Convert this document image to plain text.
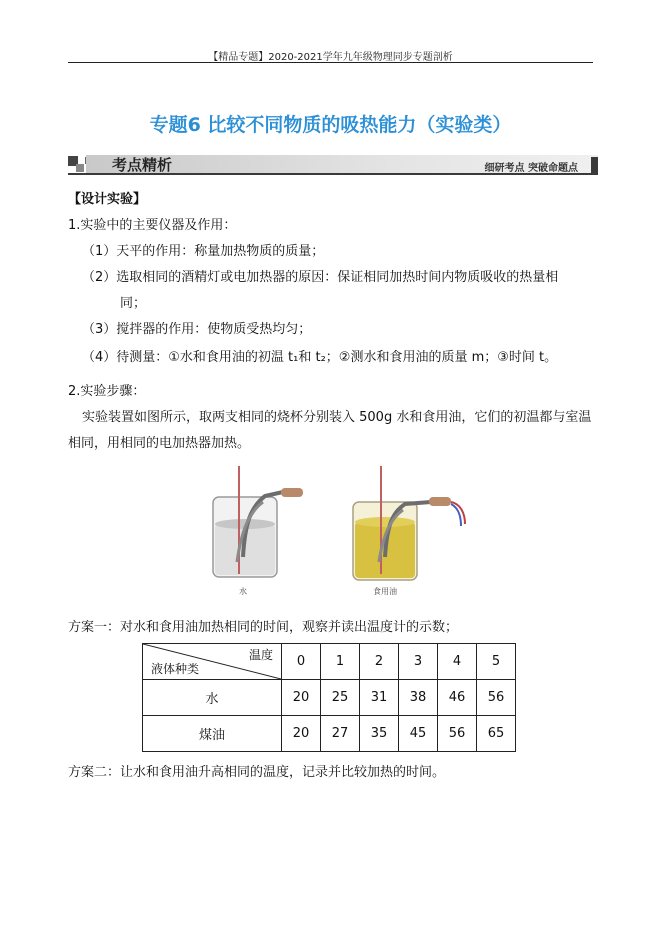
【精品专题】2020-2021学年九年级物理同步专题剖析
专题6 比较不同物质的吸热能力（实验类）
考点精析	细研考点 突破命题点
【设计实验】
1.实验中的主要仪器及作用：
（1）天平的作用：称量加热物质的质量；
（2）选取相同的酒精灯或电加热器的原因：保证相同加热时间内物质吸收的热量相
同；
（3）搅拌器的作用：使物质受热均匀；
（4）待测量：①水和食用油的初温 t₁和 t₂；②测水和食用油的质量 m；③时间 t。
2.实验步骤：
实验装置如图所示，取两支相同的烧杯分别装入 500g 水和食用油，它们的初温都与室温
相同，用相同的电加热器加热。
水	食用油
方案一：对水和食用油加热相同的时间，观察并读出温度计的示数；
温度
液体种类	0	1	2	3	4	5
水	20	25	31	38	46	56
煤油	20	27	35	45	56	65
方案二：让水和食用油升高相同的温度，记录并比较加热的时间。
